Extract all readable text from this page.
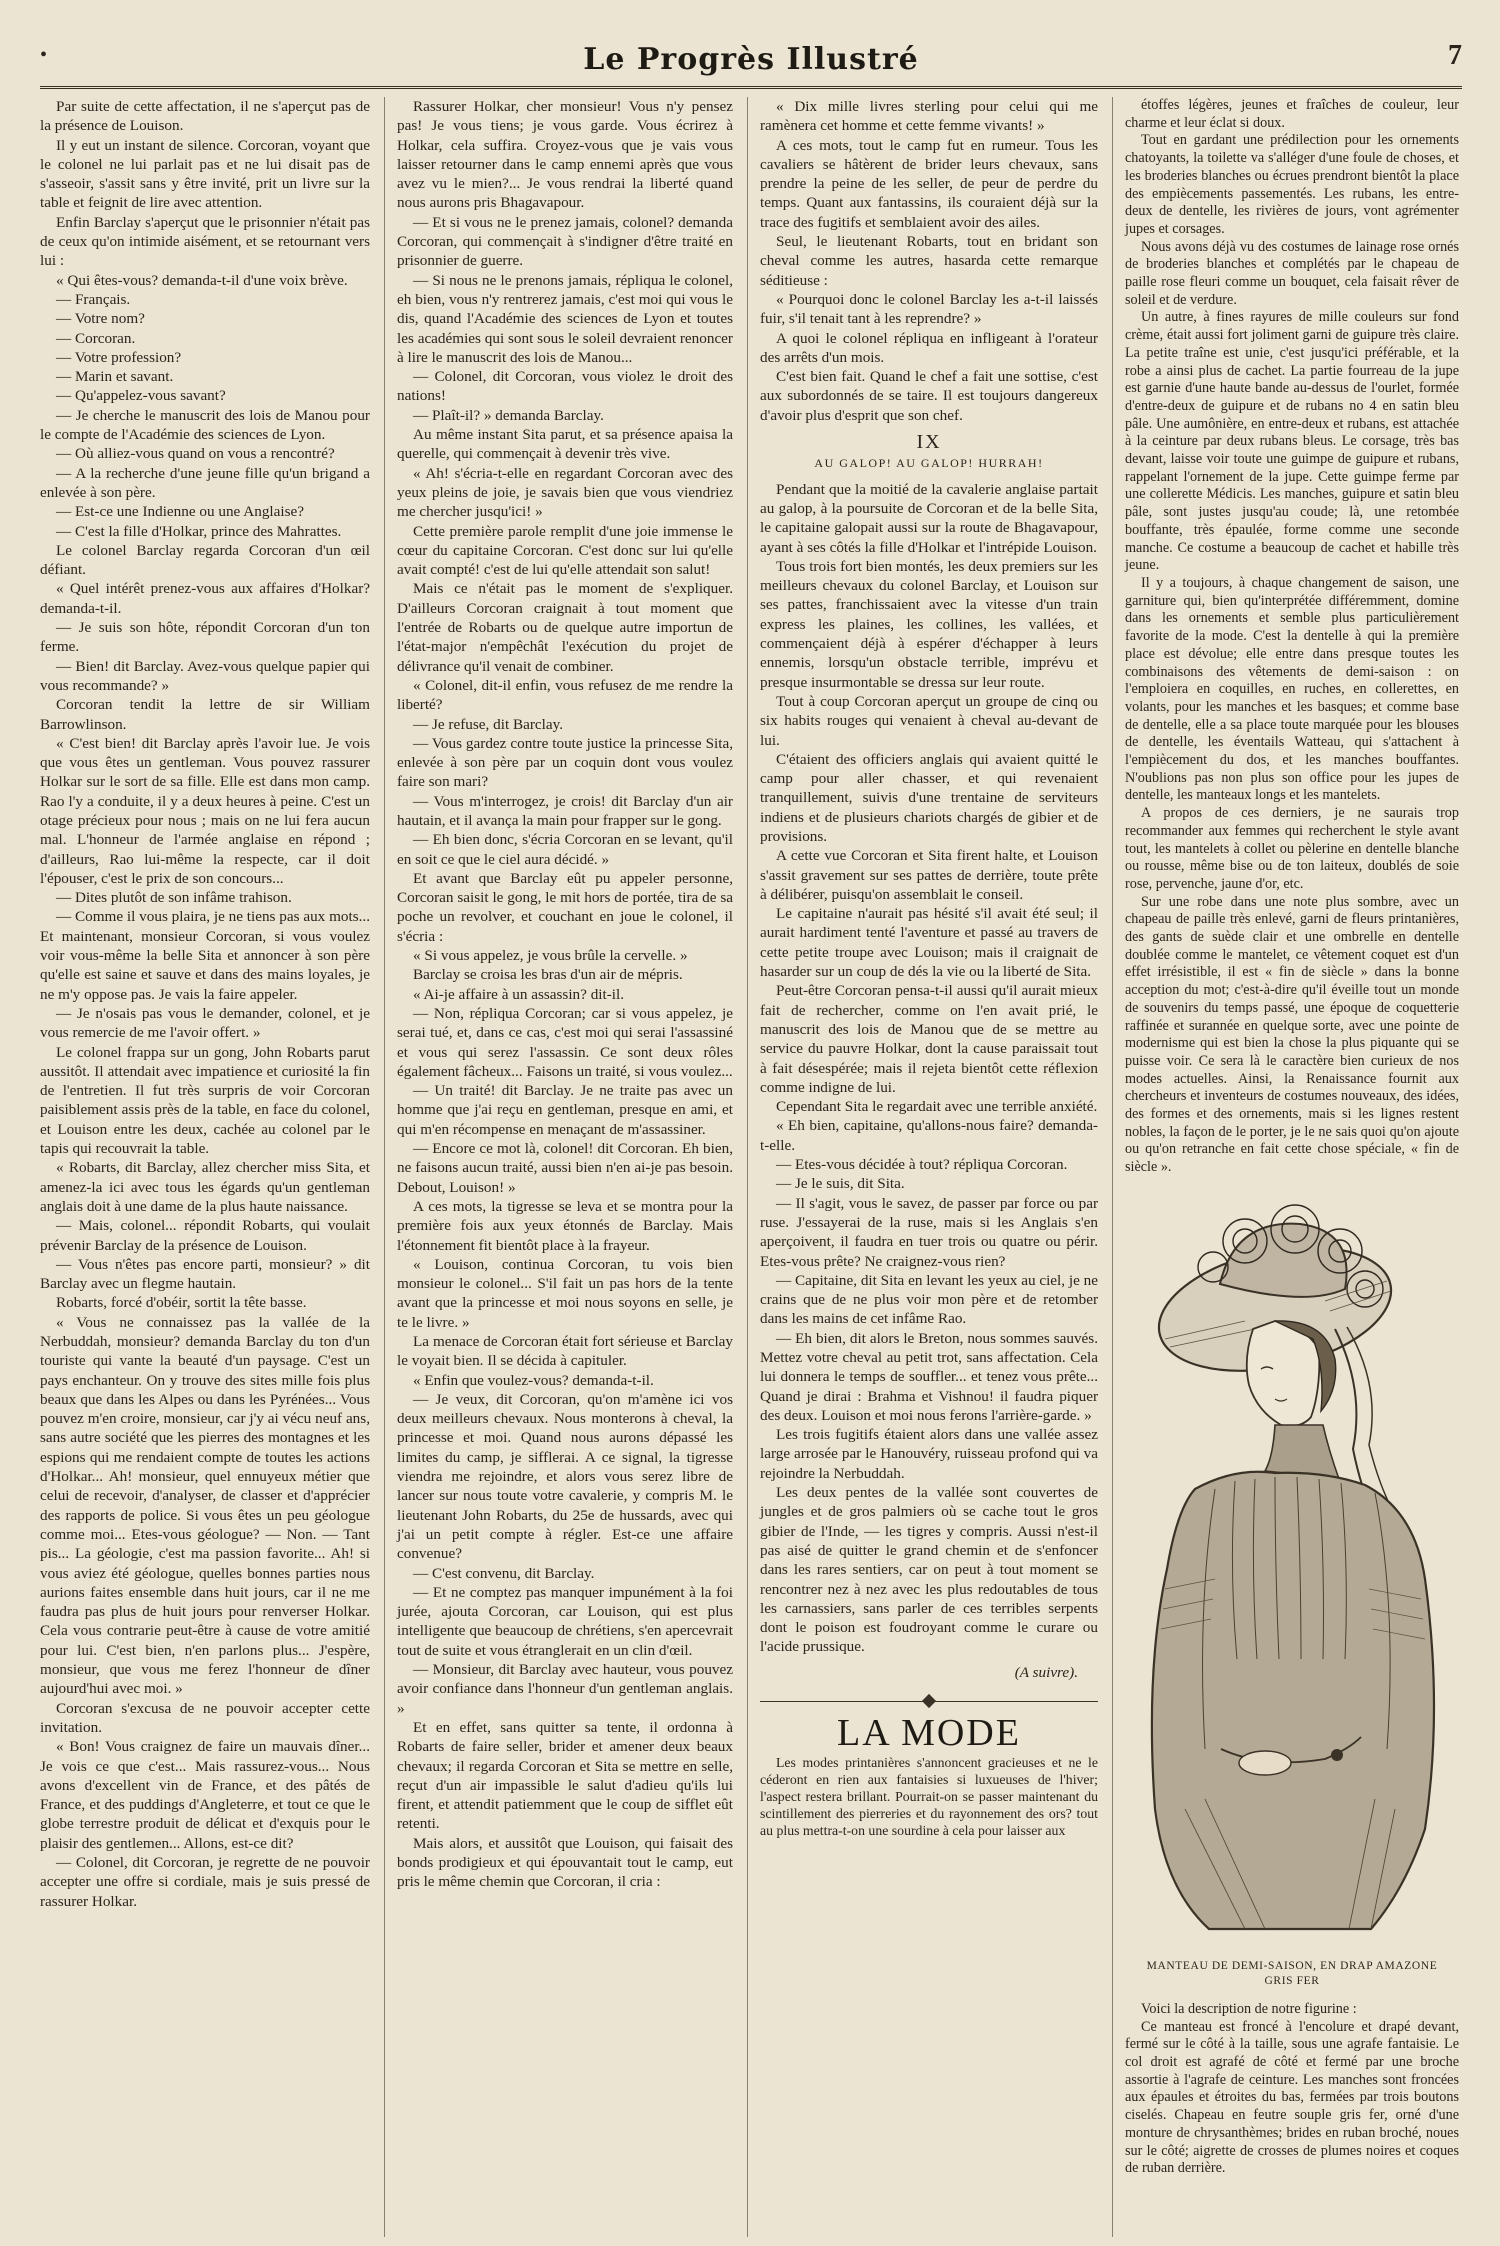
•	Le Progrès Illustré	7

Par suite de cette affectation, il ne s'aperçut pas de la présence de Louison.

Il y eut un instant de silence. Corcoran, voyant que le colonel ne lui parlait pas et ne lui disait pas de s'asseoir, s'assit sans y être invité, prit un livre sur la table et feignit de lire avec attention.

Enfin Barclay s'aperçut que le prisonnier n'était pas de ceux qu'on intimide aisément, et se retournant vers lui :

« Qui êtes-vous? demanda-t-il d'une voix brève.

— Français.

— Votre nom?

— Corcoran.

— Votre profession?

— Marin et savant.

— Qu'appelez-vous savant?

— Je cherche le manuscrit des lois de Manou pour le compte de l'Académie des sciences de Lyon.

— Où alliez-vous quand on vous a rencontré?

— A la recherche d'une jeune fille qu'un brigand a enlevée à son père.

— Est-ce une Indienne ou une Anglaise?

— C'est la fille d'Holkar, prince des Mahrattes.

Le colonel Barclay regarda Corcoran d'un œil défiant.

« Quel intérêt prenez-vous aux affaires d'Holkar? demanda-t-il.

— Je suis son hôte, répondit Corcoran d'un ton ferme.

— Bien! dit Barclay. Avez-vous quelque papier qui vous recommande? »

Corcoran tendit la lettre de sir William Barrowlinson.

« C'est bien! dit Barclay après l'avoir lue. Je vois que vous êtes un gentleman. Vous pouvez rassurer Holkar sur le sort de sa fille. Elle est dans mon camp. Rao l'y a conduite, il y a deux heures à peine. C'est un otage précieux pour nous ; mais on ne lui fera aucun mal. L'honneur de l'armée anglaise en répond ; d'ailleurs, Rao lui-même la respecte, car il doit l'épouser, c'est le prix de son concours...

— Dites plutôt de son infâme trahison.

— Comme il vous plaira, je ne tiens pas aux mots... Et maintenant, monsieur Corcoran, si vous voulez voir vous-même la belle Sita et annoncer à son père qu'elle est saine et sauve et dans des mains loyales, je ne m'y oppose pas. Je vais la faire appeler.

— Je n'osais pas vous le demander, colonel, et je vous remercie de me l'avoir offert. »

Le colonel frappa sur un gong, John Robarts parut aussitôt. Il attendait avec impatience et curiosité la fin de l'entretien. Il fut très surpris de voir Corcoran paisiblement assis près de la table, en face du colonel, et Louison entre les deux, cachée au colonel par le tapis qui recouvrait la table.

« Robarts, dit Barclay, allez chercher miss Sita, et amenez-la ici avec tous les égards qu'un gentleman anglais doit à une dame de la plus haute naissance.

— Mais, colonel... répondit Robarts, qui voulait prévenir Barclay de la présence de Louison.

— Vous n'êtes pas encore parti, monsieur? » dit Barclay avec un flegme hautain.

Robarts, forcé d'obéir, sortit la tête basse.

« Vous ne connaissez pas la vallée de la Nerbuddah, monsieur? demanda Barclay du ton d'un touriste qui vante la beauté d'un paysage. C'est un pays enchanteur. On y trouve des sites mille fois plus beaux que dans les Alpes ou dans les Pyrénées... Vous pouvez m'en croire, monsieur, car j'y ai vécu neuf ans, sans autre société que les pierres des montagnes et les espions qui me rendaient compte de toutes les actions d'Holkar... Ah! monsieur, quel ennuyeux métier que celui de recevoir, d'analyser, de classer et d'apprécier des rapports de police. Si vous êtes un peu géologue comme moi... Etes-vous géologue? — Non. — Tant pis... La géologie, c'est ma passion favorite... Ah! si vous aviez été géologue, quelles bonnes parties nous aurions faites ensemble dans huit jours, car il ne me faudra pas plus de huit jours pour renverser Holkar. Cela vous contrarie peut-être à cause de votre amitié pour lui. C'est bien, n'en parlons plus... J'espère, monsieur, que vous me ferez l'honneur de dîner aujourd'hui avec moi. »

Corcoran s'excusa de ne pouvoir accepter cette invitation.

« Bon! Vous craignez de faire un mauvais dîner... Je vois ce que c'est... Mais rassurez-vous... Nous avons d'excellent vin de France, et des pâtés de France, et des puddings d'Angleterre, et tout ce que le globe terrestre produit de délicat et d'exquis pour le plaisir des gentlemen... Allons, est-ce dit?

— Colonel, dit Corcoran, je regrette de ne pouvoir accepter une offre si cordiale, mais je suis pressé de rassurer Holkar.

Rassurer Holkar, cher monsieur! Vous n'y pensez pas! Je vous tiens; je vous garde. Vous écrirez à Holkar, cela suffira. Croyez-vous que je vais vous laisser retourner dans le camp ennemi après que vous avez vu le mien?... Je vous rendrai la liberté quand nous aurons pris Bhagavapour.

— Et si vous ne le prenez jamais, colonel? demanda Corcoran, qui commençait à s'indigner d'être traité en prisonnier de guerre.

— Si nous ne le prenons jamais, répliqua le colonel, eh bien, vous n'y rentrerez jamais, c'est moi qui vous le dis, quand l'Académie des sciences de Lyon et toutes les académies qui sont sous le soleil devraient renoncer à lire le manuscrit des lois de Manou...

— Colonel, dit Corcoran, vous violez le droit des nations!

— Plaît-il? » demanda Barclay.

Au même instant Sita parut, et sa présence apaisa la querelle, qui commençait à devenir très vive.

« Ah! s'écria-t-elle en regardant Corcoran avec des yeux pleins de joie, je savais bien que vous viendriez me chercher jusqu'ici! »

Cette première parole remplit d'une joie immense le cœur du capitaine Corcoran. C'est donc sur lui qu'elle avait compté! c'est de lui qu'elle attendait son salut!

Mais ce n'était pas le moment de s'expliquer. D'ailleurs Corcoran craignait à tout moment que l'entrée de Robarts ou de quelque autre importun de l'état-major n'empêchât l'exécution du projet de délivrance qu'il venait de combiner.

« Colonel, dit-il enfin, vous refusez de me rendre la liberté?

— Je refuse, dit Barclay.

— Vous gardez contre toute justice la princesse Sita, enlevée à son père par un coquin dont vous voulez faire son mari?

— Vous m'interrogez, je crois! dit Barclay d'un air hautain, et il avança la main pour frapper sur le gong.

— Eh bien donc, s'écria Corcoran en se levant, qu'il en soit ce que le ciel aura décidé. »

Et avant que Barclay eût pu appeler personne, Corcoran saisit le gong, le mit hors de portée, tira de sa poche un revolver, et couchant en joue le colonel, il s'écria :

« Si vous appelez, je vous brûle la cervelle. »

Barclay se croisa les bras d'un air de mépris.

« Ai-je affaire à un assassin? dit-il.

— Non, répliqua Corcoran; car si vous appelez, je serai tué, et, dans ce cas, c'est moi qui serai l'assassiné et vous qui serez l'assassin. Ce sont deux rôles également fâcheux... Faisons un traité, si vous voulez...

— Un traité! dit Barclay. Je ne traite pas avec un homme que j'ai reçu en gentleman, presque en ami, et qui m'en récompense en menaçant de m'assassiner.

— Encore ce mot là, colonel! dit Corcoran. Eh bien, ne faisons aucun traité, aussi bien n'en ai-je pas besoin. Debout, Louison! »

A ces mots, la tigresse se leva et se montra pour la première fois aux yeux étonnés de Barclay. Mais l'étonnement fit bientôt place à la frayeur.

« Louison, continua Corcoran, tu vois bien monsieur le colonel... S'il fait un pas hors de la tente avant que la princesse et moi nous soyons en selle, je te le livre. »

La menace de Corcoran était fort sérieuse et Barclay le voyait bien. Il se décida à capituler.

« Enfin que voulez-vous? demanda-t-il.

— Je veux, dit Corcoran, qu'on m'amène ici vos deux meilleurs chevaux. Nous monterons à cheval, la princesse et moi. Quand nous aurons dépassé les limites du camp, je sifflerai. A ce signal, la tigresse viendra me rejoindre, et alors vous serez libre de lancer sur nous toute votre cavalerie, y compris M. le lieutenant John Robarts, du 25e de hussards, avec qui j'ai un petit compte à régler. Est-ce une affaire convenue?

— C'est convenu, dit Barclay.

— Et ne comptez pas manquer impunément à la foi jurée, ajouta Corcoran, car Louison, qui est plus intelligente que beaucoup de chrétiens, s'en apercevrait tout de suite et vous étranglerait en un clin d'œil.

— Monsieur, dit Barclay avec hauteur, vous pouvez avoir confiance dans l'honneur d'un gentleman anglais. »

Et en effet, sans quitter sa tente, il ordonna à Robarts de faire seller, brider et amener deux beaux chevaux; il regarda Corcoran et Sita se mettre en selle, reçut d'un air impassible le salut d'adieu qu'ils lui firent, et attendit patiemment que le coup de sifflet eût retenti.

Mais alors, et aussitôt que Louison, qui faisait des bonds prodigieux et qui épouvantait tout le camp, eut pris le même chemin que Corcoran, il cria :

« Dix mille livres sterling pour celui qui me ramènera cet homme et cette femme vivants! »

A ces mots, tout le camp fut en rumeur. Tous les cavaliers se hâtèrent de brider leurs chevaux, sans prendre la peine de les seller, de peur de perdre du temps. Quant aux fantassins, ils couraient déjà sur la trace des fugitifs et semblaient avoir des ailes.

Seul, le lieutenant Robarts, tout en bridant son cheval comme les autres, hasarda cette remarque séditieuse :

« Pourquoi donc le colonel Barclay les a-t-il laissés fuir, s'il tenait tant à les reprendre? »

A quoi le colonel répliqua en infligeant à l'orateur des arrêts d'un mois.

C'est bien fait. Quand le chef a fait une sottise, c'est aux subordonnés de se taire. Il est toujours dangereux d'avoir plus d'esprit que son chef.

IX
AU GALOP! AU GALOP! HURRAH!

Pendant que la moitié de la cavalerie anglaise partait au galop, à la poursuite de Corcoran et de la belle Sita, le capitaine galopait aussi sur la route de Bhagavapour, ayant à ses côtés la fille d'Holkar et l'intrépide Louison.

Tous trois fort bien montés, les deux premiers sur les meilleurs chevaux du colonel Barclay, et Louison sur ses pattes, franchissaient avec la vitesse d'un train express les plaines, les collines, les vallées, et commençaient déjà à espérer d'échapper à leurs ennemis, lorsqu'un obstacle terrible, imprévu et presque insurmontable se dressa sur leur route.

Tout à coup Corcoran aperçut un groupe de cinq ou six habits rouges qui venaient à cheval au-devant de lui.

C'étaient des officiers anglais qui avaient quitté le camp pour aller chasser, et qui revenaient tranquillement, suivis d'une trentaine de serviteurs indiens et de plusieurs chariots chargés de gibier et de provisions.

A cette vue Corcoran et Sita firent halte, et Louison s'assit gravement sur ses pattes de derrière, toute prête à délibérer, puisqu'on assemblait le conseil.

Le capitaine n'aurait pas hésité s'il avait été seul; il aurait hardiment tenté l'aventure et passé au travers de cette petite troupe avec Louison; mais il craignait de hasarder sur un coup de dés la vie ou la liberté de Sita.

Peut-être Corcoran pensa-t-il aussi qu'il aurait mieux fait de rechercher, comme on l'en avait prié, le manuscrit des lois de Manou que de se mettre au service du pauvre Holkar, dont la cause paraissait tout à fait désespérée; mais il rejeta bientôt cette réflexion comme indigne de lui.

Cependant Sita le regardait avec une terrible anxiété.

« Eh bien, capitaine, qu'allons-nous faire? demanda-t-elle.

— Etes-vous décidée à tout? répliqua Corcoran.

— Je le suis, dit Sita.

— Il s'agit, vous le savez, de passer par force ou par ruse. J'essayerai de la ruse, mais si les Anglais s'en aperçoivent, il faudra en tuer trois ou quatre ou périr. Etes-vous prête? Ne craignez-vous rien?

— Capitaine, dit Sita en levant les yeux au ciel, je ne crains que de ne plus voir mon père et de retomber dans les mains de cet infâme Rao.

— Eh bien, dit alors le Breton, nous sommes sauvés. Mettez votre cheval au petit trot, sans affectation. Cela lui donnera le temps de souffler... et tenez vous prête... Quand je dirai : Brahma et Vishnou! il faudra piquer des deux. Louison et moi nous ferons l'arrière-garde. »

Les trois fugitifs étaient alors dans une vallée assez large arrosée par le Hanouvéry, ruisseau profond qui va rejoindre la Nerbuddah.

Les deux pentes de la vallée sont couvertes de jungles et de gros palmiers où se cache tout le gros gibier de l'Inde, — les tigres y compris. Aussi n'est-il pas aisé de quitter le grand chemin et de s'enfoncer dans les rares sentiers, car on peut à tout moment se rencontrer nez à nez avec les plus redoutables de tous les carnassiers, sans parler de ces terribles serpents dont le poison est foudroyant comme le curare ou l'acide prussique.

(A suivre).
LA MODE

Les modes printanières s'annoncent gracieuses et ne le céderont en rien aux fantaisies si luxueuses de l'hiver; l'aspect restera brillant. Pourrait-on se passer maintenant du scintillement des pierreries et du rayonnement des ors? tout au plus mettra-t-on une sourdine à cela pour laisser aux

étoffes légères, jeunes et fraîches de couleur, leur charme et leur éclat si doux.

Tout en gardant une prédilection pour les ornements chatoyants, la toilette va s'alléger d'une foule de choses, et les broderies blanches ou écrues prendront bientôt la place des empiècements passementés. Les rubans, les entre-deux de dentelle, les rivières de jours, vont agrémenter jupes et corsages.

Nous avons déjà vu des costumes de lainage rose ornés de broderies blanches et complétés par le chapeau de paille rose fleuri comme un bouquet, cela faisait rêver de soleil et de verdure.

Un autre, à fines rayures de mille couleurs sur fond crème, était aussi fort joliment garni de guipure très claire. La petite traîne est unie, c'est jusqu'ici préférable, et la robe a ainsi plus de cachet. La partie fourreau de la jupe est garnie d'une haute bande au-dessus de l'ourlet, formée d'entre-deux de guipure et de rubans no 4 en satin bleu pâle. Une aumônière, en entre-deux et rubans, est attachée à la ceinture par deux rubans bleus. Le corsage, très bas devant, laisse voir toute une guimpe de guipure et rubans, rappelant l'ornement de la jupe. Cette guimpe ferme par une collerette Médicis. Les manches, guipure et satin bleu pâle, sont justes jusqu'au coude; là, une retombée bouffante, très épaulée, forme comme une seconde manche. Ce costume a beaucoup de cachet et habille très jeune.

Il y a toujours, à chaque changement de saison, une garniture qui, bien qu'interprétée différemment, domine dans les ornements et semble plus particulièrement favorite de la mode. C'est la dentelle à qui la première place est dévolue; elle entre dans presque toutes les combinaisons des vêtements de demi-saison : on l'emploiera en coquilles, en ruches, en collerettes, en volants, pour les manches et les basques; et comme base de dentelle, elle a sa place toute marquée pour les blouses de dentelle, les éventails Watteau, qui s'attachent à l'empiècement du dos, et les manches bouffantes. N'oublions pas non plus son office pour les jupes de dentelle, les manteaux longs et les mantelets.

A propos de ces derniers, je ne saurais trop recommander aux femmes qui recherchent le style avant tout, les mantelets à collet ou pèlerine en dentelle blanche ou rousse, même bise ou de ton laiteux, doublés de soie rose, pervenche, jaune d'or, etc.

Sur une robe dans une note plus sombre, avec un chapeau de paille très enlevé, garni de fleurs printanières, des gants de suède clair et une ombrelle en dentelle doublée comme le mantelet, ce vêtement coquet est d'un effet irrésistible, il est « fin de siècle » dans la bonne acception du mot; c'est-à-dire qu'il éveille tout un monde de souvenirs du temps passé, une époque de coquetterie raffinée et surannée en quelque sorte, avec une pointe de modernisme qui est bien la chose la plus piquante qui se puisse voir. Ce sera là le caractère bien curieux de nos modes actuelles. Ainsi, la Renaissance fournit aux chercheurs et inventeurs de costumes nouveaux, des idées, des formes et des ornements, mais si les lignes restent nobles, la façon de le porter, je le ne sais quoi qu'on ajoute ou qu'on retranche en fait cette chose spéciale, « fin de siècle ».

MANTEAU DE DEMI-SAISON, EN DRAP AMAZONE
GRIS FER

Voici la description de notre figurine :

Ce manteau est froncé à l'encolure et drapé devant, fermé sur le côté à la taille, sous une agrafe fantaisie. Le col droit est agrafé de côté et fermé par une broche assortie à l'agrafe de ceinture. Les manches sont froncées aux épaules et étroites du bas, fermées par trois boutons ciselés. Chapeau en feutre souple gris fer, orné d'une monture de chrysanthèmes; brides en ruban broché, noues sur le côté; aigrette de crosses de plumes noires et coques de ruban derrière.
